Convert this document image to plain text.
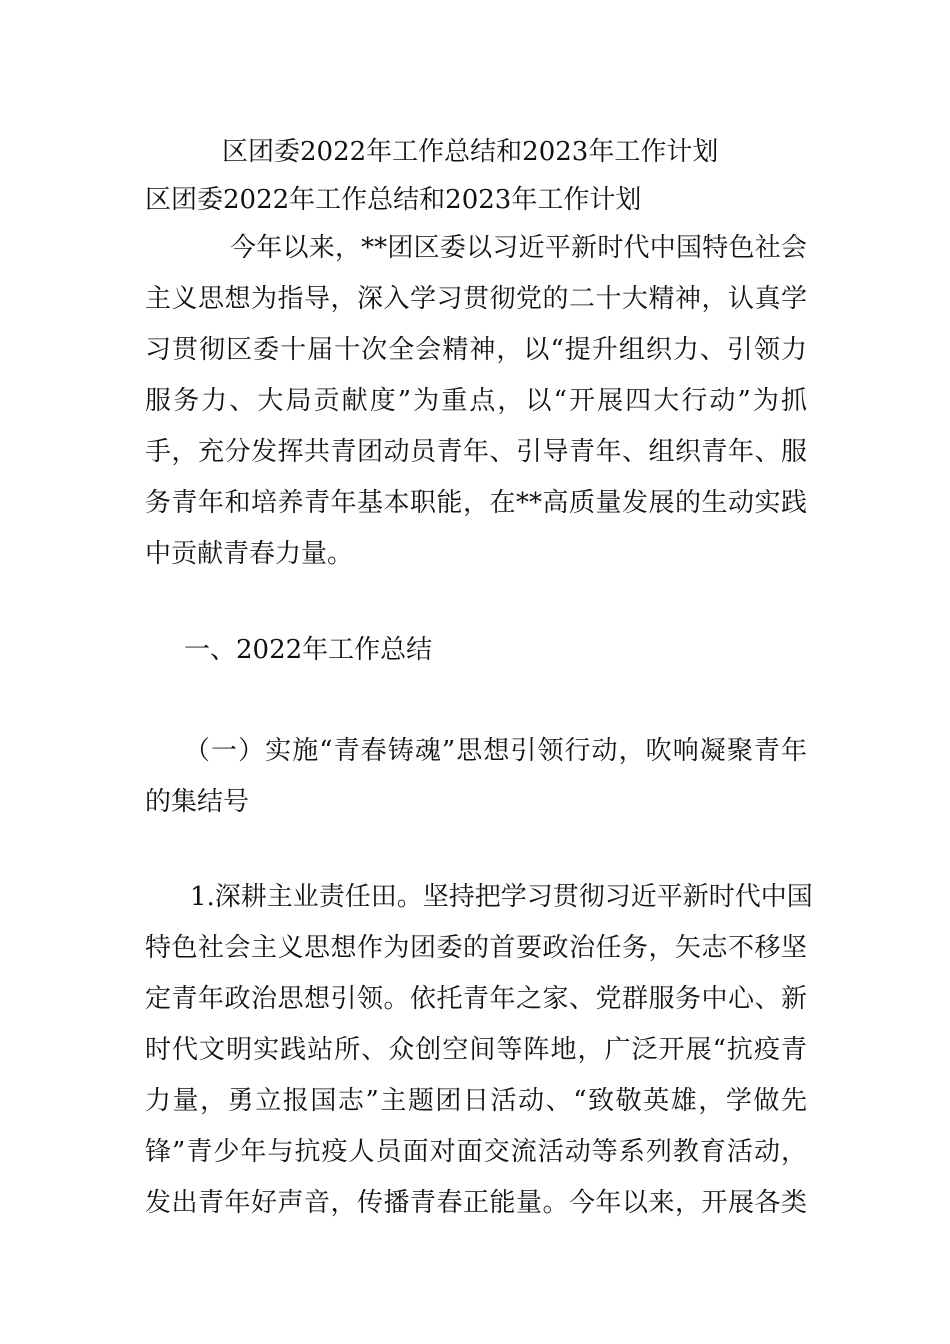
区团委2022年工作总结和2023年工作计划
区团委2022年工作总结和2023年工作计划
今年以来，**团区委以习近平新时代中国特色社会
主义思想为指导，深入学习贯彻党的二十大精神，认真学
习贯彻区委十届十次全会精神，以“提升组织力、引领力
服务力、大局贡献度”为重点，以“开展四大行动”为抓
手，充分发挥共青团动员青年、引导青年、组织青年、服
务青年和培养青年基本职能，在**高质量发展的生动实践
中贡献青春力量。
一、2022年工作总结
（一）实施“青春铸魂”思想引领行动，吹响凝聚青年
的集结号
1.深耕主业责任田。坚持把学习贯彻习近平新时代中国
特色社会主义思想作为团委的首要政治任务，矢志不移坚
定青年政治思想引领。依托青年之家、党群服务中心、新
时代文明实践站所、众创空间等阵地，广泛开展“抗疫青
力量，勇立报国志”主题团日活动、“致敬英雄，学做先
锋”青少年与抗疫人员面对面交流活动等系列教育活动，
发出青年好声音，传播青春正能量。今年以来，开展各类
